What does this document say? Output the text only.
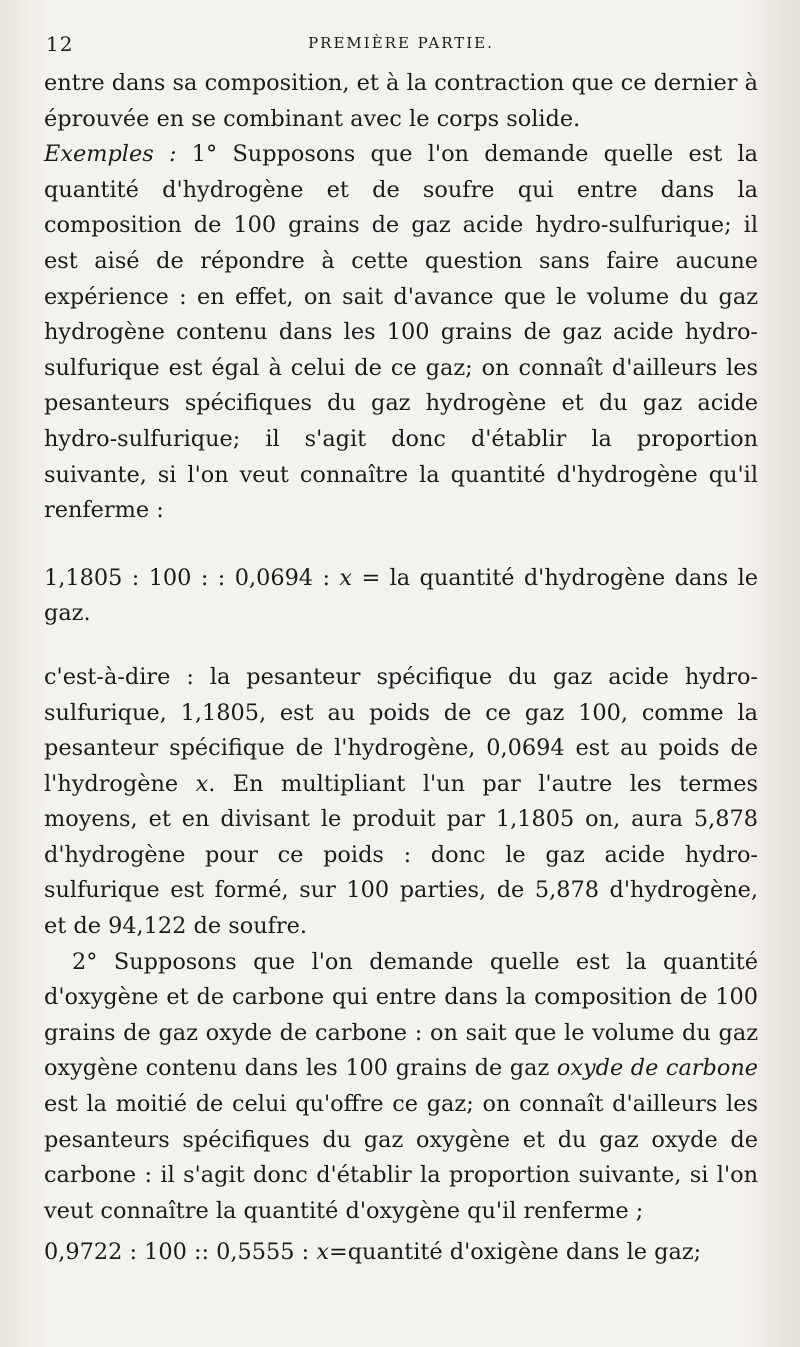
12	PREMIÈRE PARTIE.

entre dans sa composition, et à la contraction que ce dernier à éprouvée en se combinant avec le corps solide.

Exemples : 1° Supposons que l'on demande quelle est la quantité d'hydrogène et de soufre qui entre dans la composition de 100 grains de gaz acide hydro-sulfurique; il est aisé de répondre à cette question sans faire aucune expérience : en effet, on sait d'avance que le volume du gaz hydrogène contenu dans les 100 grains de gaz acide hydro-sulfurique est égal à celui de ce gaz; on connaît d'ailleurs les pesanteurs spécifiques du gaz hydrogène et du gaz acide hydro-sulfurique; il s'agit donc d'établir la proportion suivante, si l'on veut connaître la quantité d'hydrogène qu'il renferme :

1,1805 : 100 : : 0,0694 : x = la quantité d'hydrogène dans le gaz.

c'est-à-dire : la pesanteur spécifique du gaz acide hydro-sulfurique, 1,1805, est au poids de ce gaz 100, comme la pesanteur spécifique de l'hydrogène, 0,0694 est au poids de l'hydrogène x. En multipliant l'un par l'autre les termes moyens, et en divisant le produit par 1,1805 on, aura 5,878 d'hydrogène pour ce poids : donc le gaz acide hydro-sulfurique est formé, sur 100 parties, de 5,878 d'hydrogène, et de 94,122 de soufre.

2° Supposons que l'on demande quelle est la quantité d'oxygène et de carbone qui entre dans la composition de 100 grains de gaz oxyde de carbone : on sait que le volume du gaz oxygène contenu dans les 100 grains de gaz oxyde de carbone est la moitié de celui qu'offre ce gaz; on connaît d'ailleurs les pesanteurs spécifiques du gaz oxygène et du gaz oxyde de carbone : il s'agit donc d'établir la proportion suivante, si l'on veut connaître la quantité d'oxygène qu'il renferme ;

0,9722 : 100 :: 0,5555 : x=quantité d'oxigène dans le gaz;
